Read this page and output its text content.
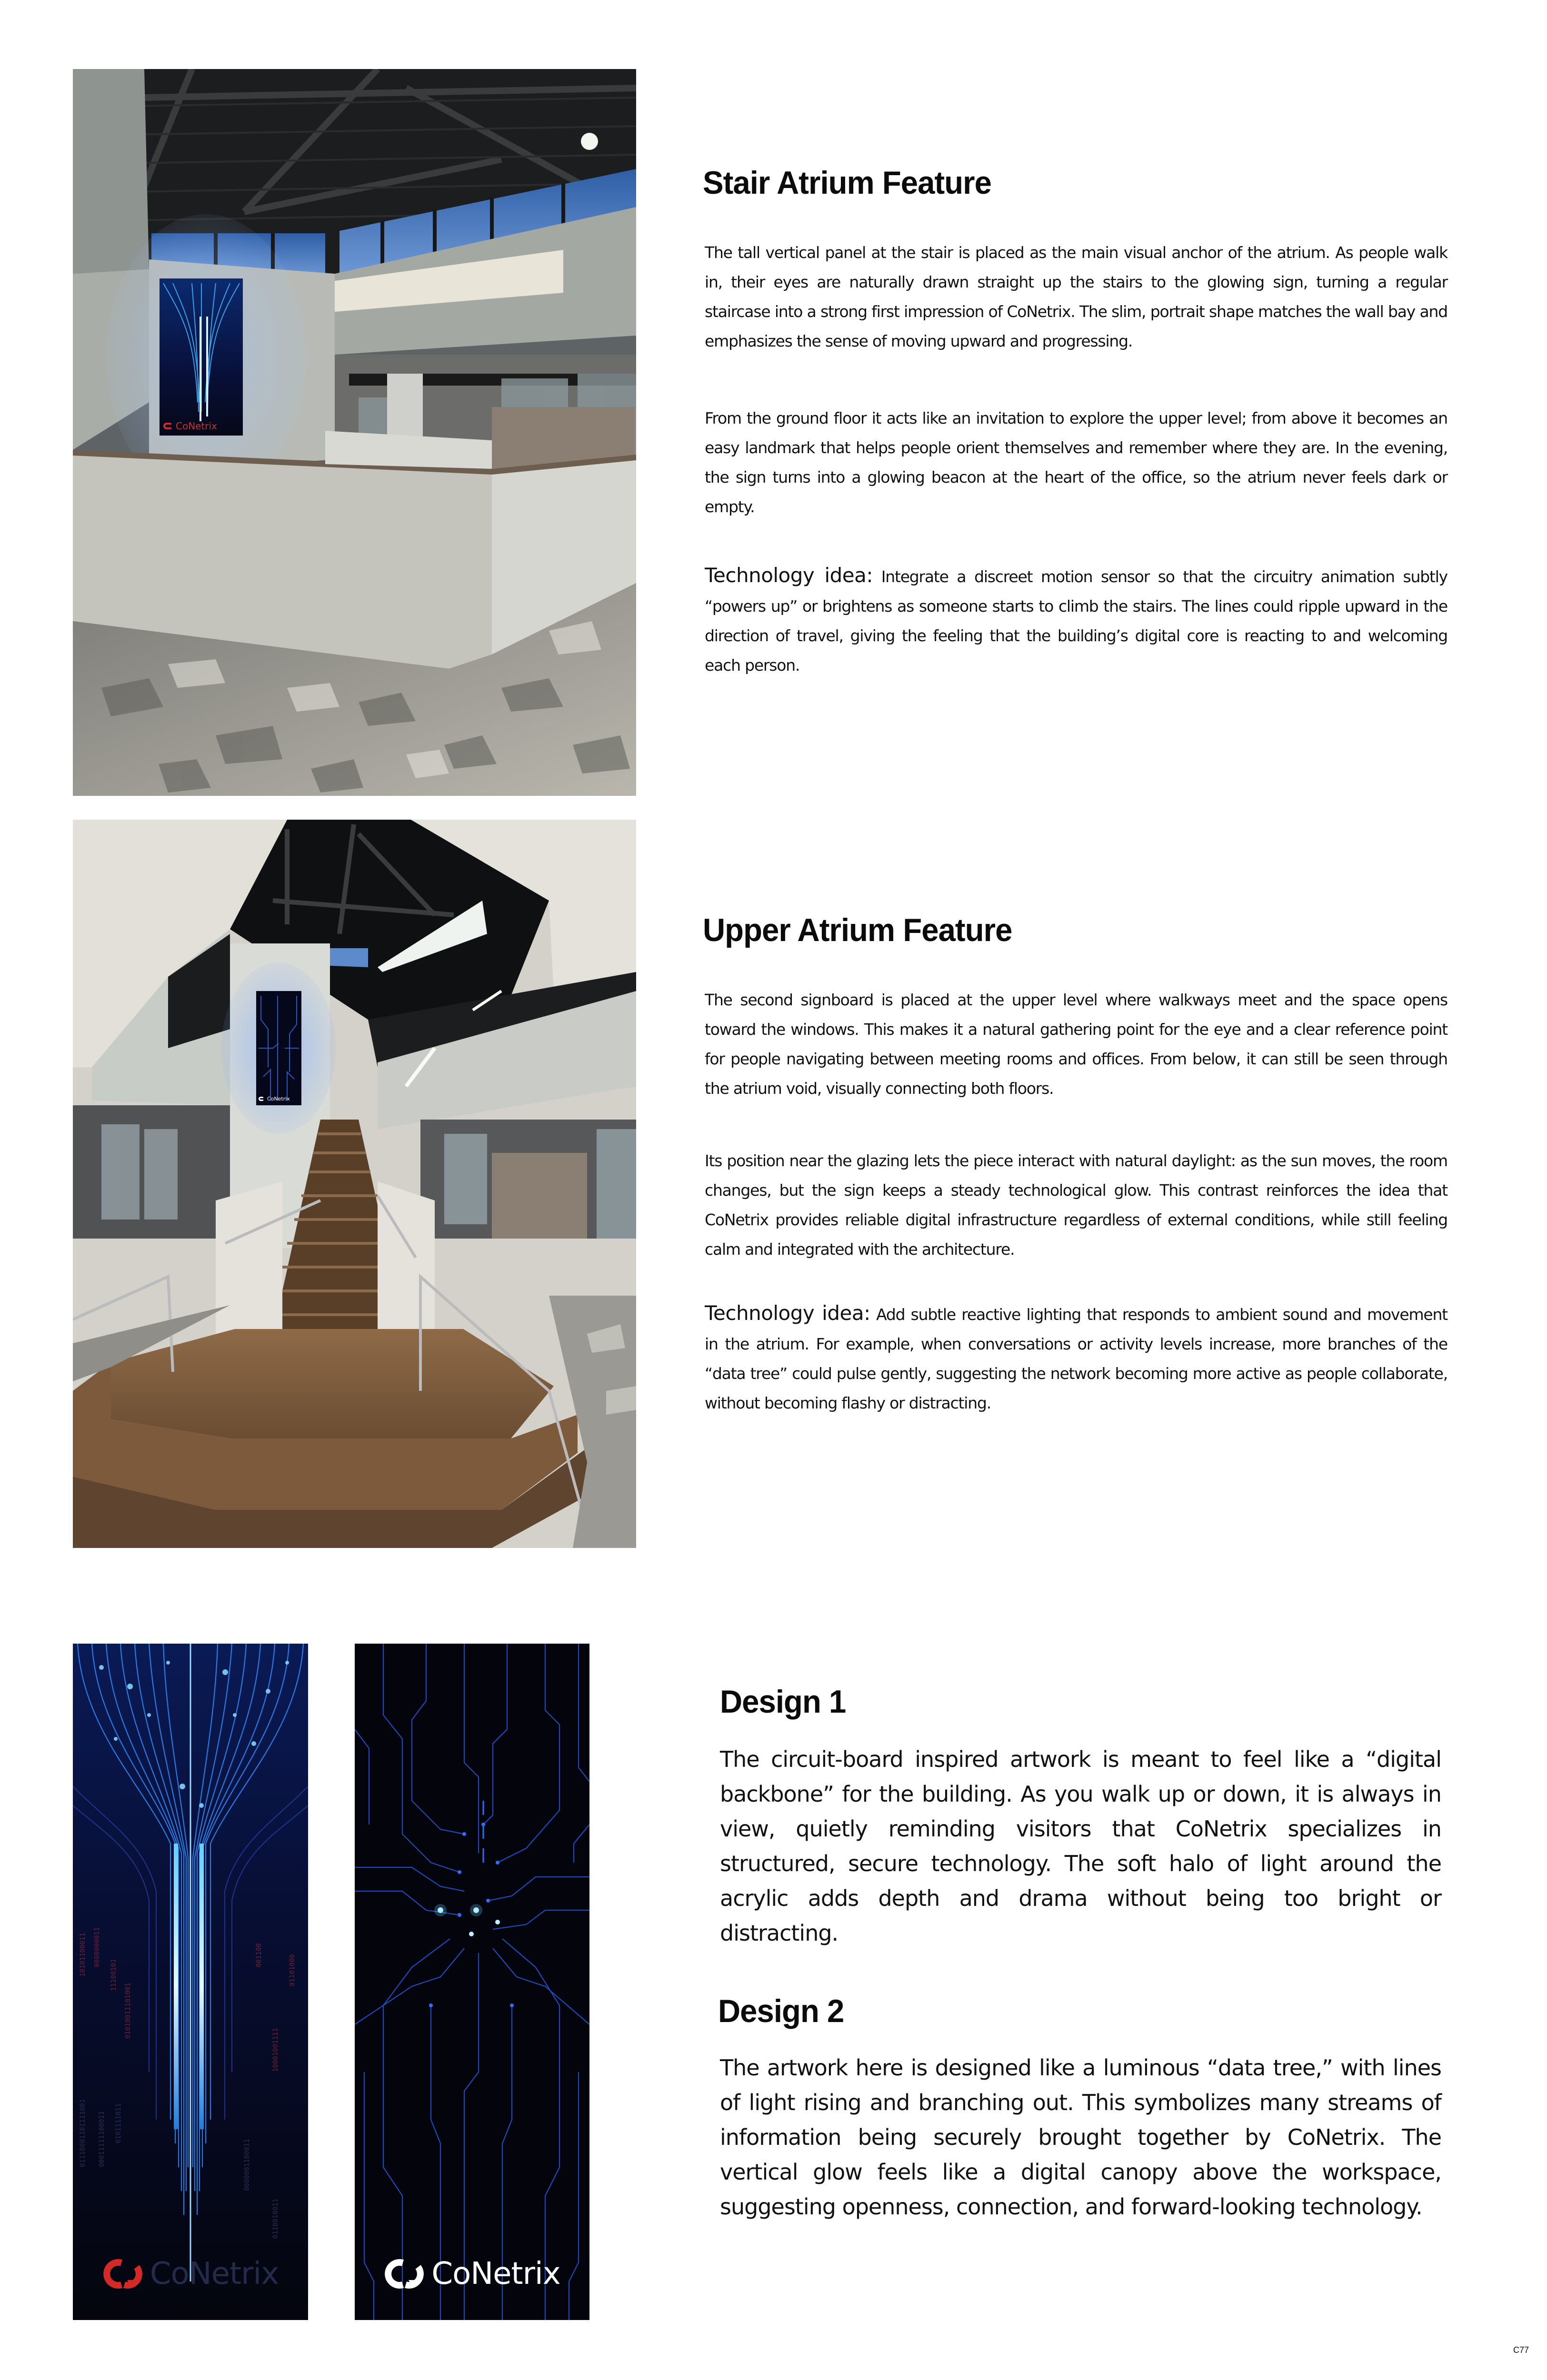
CoNetrix
CoNetrix
Stair Atrium Feature

The tall vertical panel at the stair is placed as the main visual anchor of the atrium. As people walk in, their eyes are naturally drawn straight up the stairs to the glowing sign, turning a regular staircase into a strong first impression of CoNetrix. The slim, portrait shape matches the wall bay and emphasizes the sense of moving upward and progressing.

From the ground floor it acts like an invitation to explore the upper level; from above it becomes an easy landmark that helps people orient themselves and remember where they are. In the evening, the sign turns into a glowing beacon at the heart of the office, so the atrium never feels dark or empty.

Technology idea: Integrate a discreet motion sensor so that the circuitry animation subtly “powers up” or brightens as someone starts to climb the stairs. The lines could ripple upward in the direction of travel, giving the feeling that the building’s digital core is reacting to and welcoming each person.

Upper Atrium Feature

The second signboard is placed at the upper level where walkways meet and the space opens toward the windows. This makes it a natural gathering point for the eye and a clear reference point for people navigating between meeting rooms and offices. From below, it can still be seen through the atrium void, visually connecting both floors.

Its position near the glazing lets the piece interact with natural daylight: as the sun moves, the room changes, but the sign keeps a steady technological glow. This contrast reinforces the idea that CoNetrix provides reliable digital infrastructure regardless of external conditions, while still feeling calm and integrated with the architecture.

Technology idea: Add subtle reactive lighting that responds to ambient sound and movement in the atrium. For example, when conversations or activity levels increase, more branches of the “data tree” could pulse gently, suggesting the network becoming more active as people collaborate, without becoming flashy or distracting.

10101100011 0000000011
11100101
01010011101001
001100
10001001111
01101000
01110001101111001 00011111100011 0101111011
0000001100011
0110010011
CoNetrix	CoNetrix
Design 1

The circuit-board inspired artwork is meant to feel like a “digital backbone” for the building. As you walk up or down, it is always in view, quietly reminding visitors that CoNetrix specializes in structured, secure technology. The soft halo of light around the acrylic adds depth and drama without being too bright or distracting.

Design 2

The artwork here is designed like a luminous “data tree,” with lines of light rising and branching out. This symbolizes many streams of information being securely brought together by CoNetrix. The vertical glow feels like a digital canopy above the workspace, suggesting openness, connection, and forward-looking technology.

C77
